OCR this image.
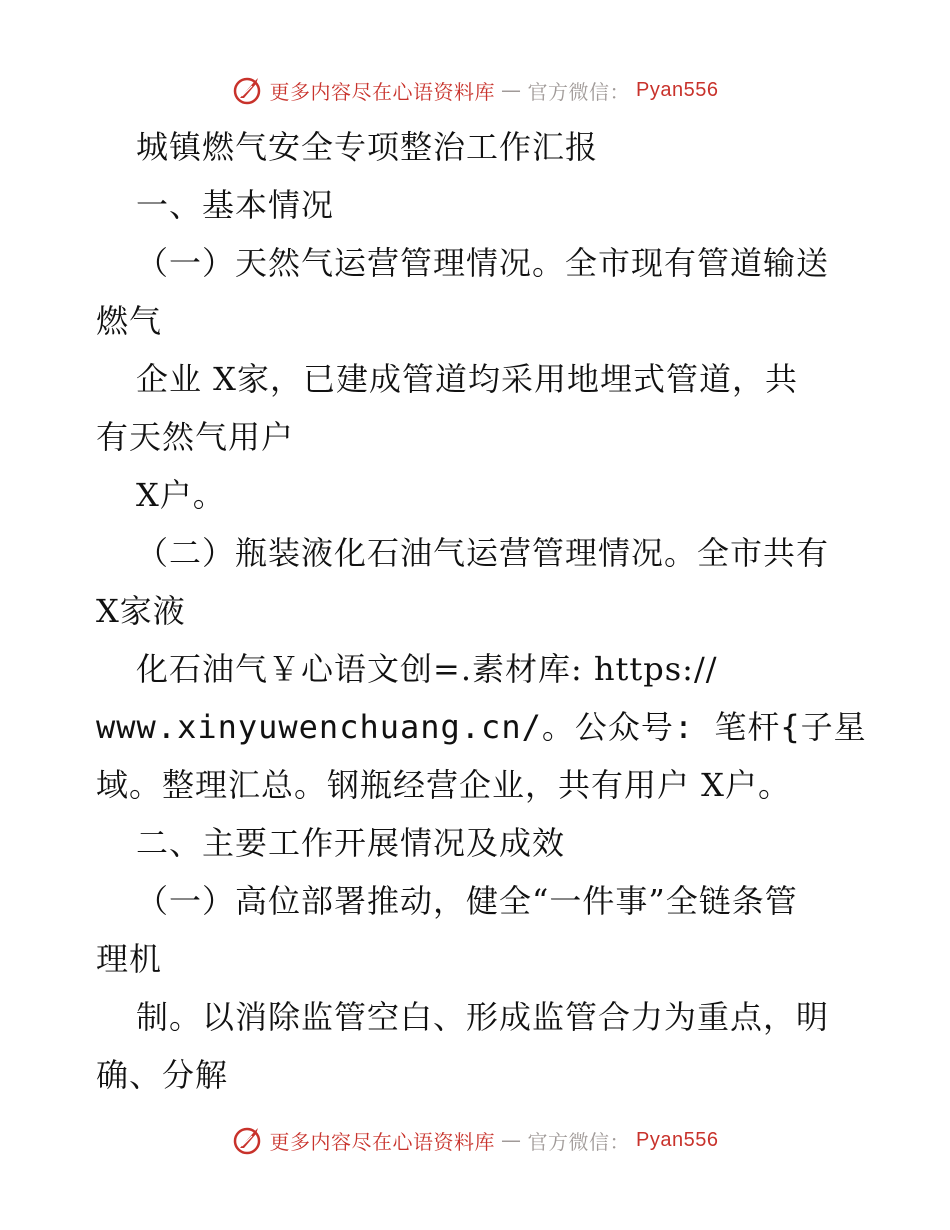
更多内容尽在心语资料库 — 官方微信： Pyan556
城镇燃气安全专项整治工作汇报
一、基本情况
（一）天然气运营管理情况。全市现有管道输送
燃气
企业 X家，已建成管道均采用地埋式管道，共
有天然气用户
X户。
（二）瓶装液化石油气运营管理情况。全市共有
X家液
化石油气￥心语文创=.素材库: https://
www.xinyuwenchuang.cn/。公众号: 笔杆{子星
域。整理汇总。钢瓶经营企业，共有用户 X户。
二、主要工作开展情况及成效
（一）高位部署推动，健全“一件事”全链条管
理机
制。以消除监管空白、形成监管合力为重点，明
确、分解
更多内容尽在心语资料库 — 官方微信： Pyan556
